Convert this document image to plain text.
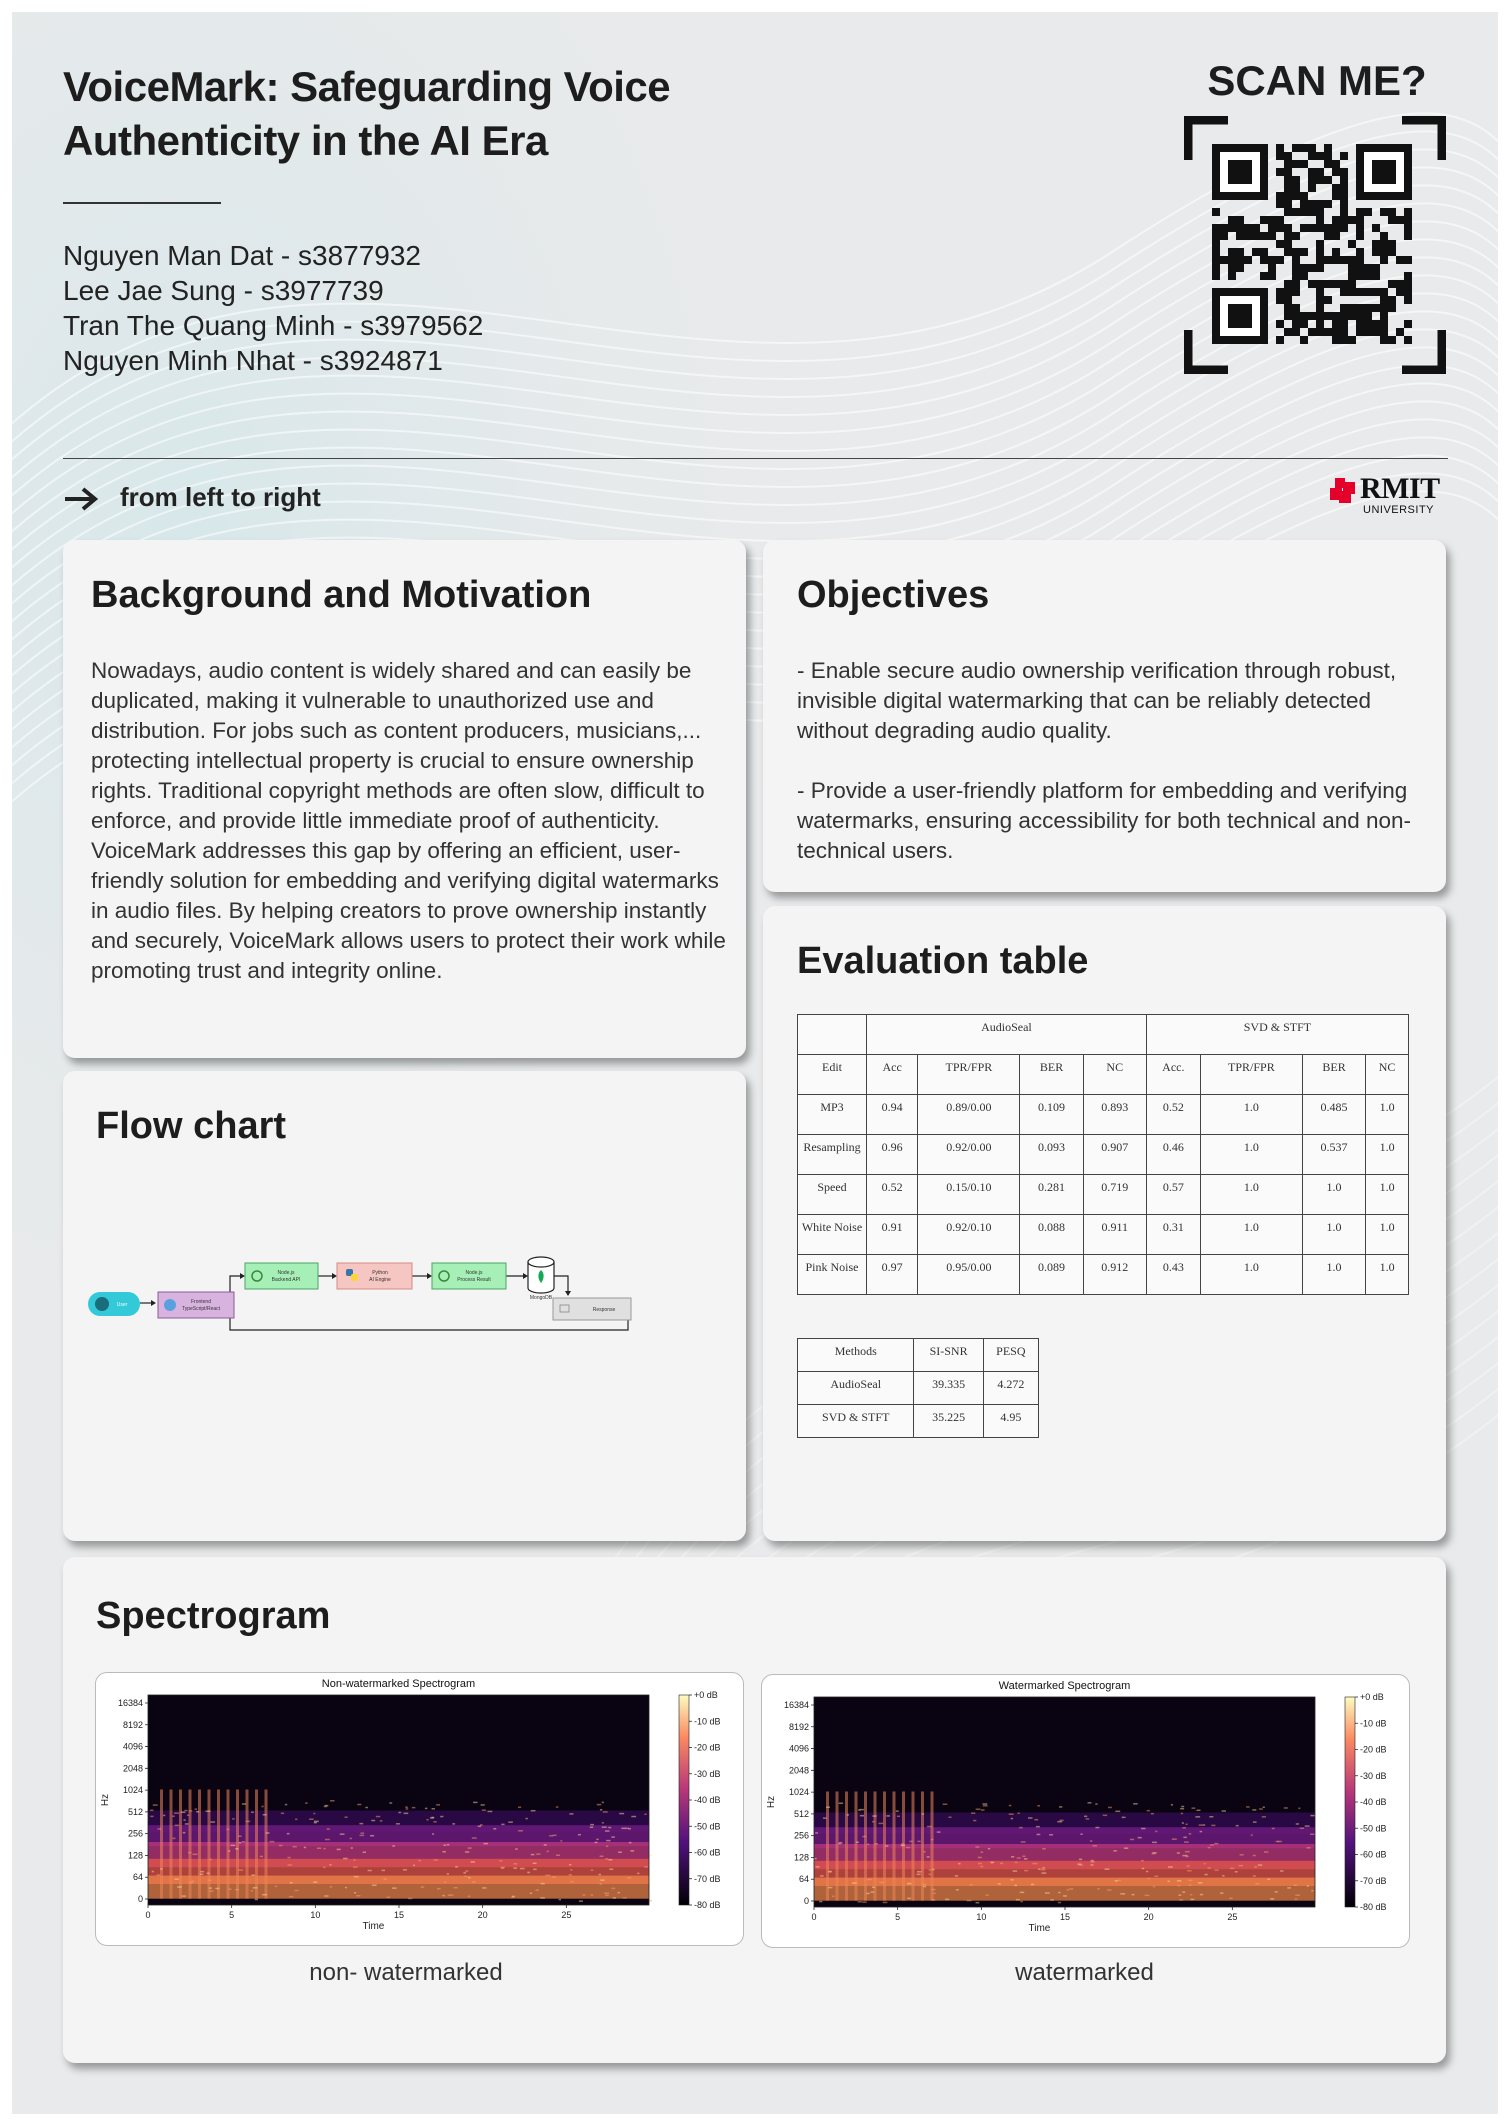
VoiceMark: Safeguarding Voice
Authenticity in the AI Era
Nguyen Man Dat - s3877932
Lee Jae Sung - s3977739
Tran The Quang Minh - s3979562
Nguyen Minh Nhat - s3924871
SCAN ME?
from left to right	RMIT
UNIVERSITY
Background and Motivation
Nowadays, audio content is widely shared and can easily be duplicated, making it vulnerable to unauthorized use and distribution. For jobs such as content producers, musicians,... protecting intellectual property is crucial to ensure ownership rights. Traditional copyright methods are often slow, difficult to enforce, and provide little immediate proof of authenticity. VoiceMark addresses this gap by offering an efficient, user-friendly solution for embedding and verifying digital watermarks in audio files. By helping creators to prove ownership instantly and securely, VoiceMark allows users to protect their work while promoting trust and integrity online.
Objectives
- Enable secure audio ownership verification through robust, invisible digital watermarking that can be reliably detected without degrading audio quality.
- Provide a user-friendly platform for embedding and verifying watermarks, ensuring accessibility for both technical and non-technical users.
Flow chart
User	Frontend
TypeScript/React
Node.js
Backend API
Python
AI Engine
Node.js
Process Result
MongoDB
Response
Evaluation table
	AudioSeal				SVD & STFT			
Edit	Acc	TPR/FPR	BER	NC	Acc.	TPR/FPR	BER	NC
MP3	0.94	0.89/0.00	0.109	0.893	0.52	1.0	0.485	1.0
Resampling	0.96	0.92/0.00	0.093	0.907	0.46	1.0	0.537	1.0
Speed	0.52	0.15/0.10	0.281	0.719	0.57	1.0	1.0	1.0
White Noise	0.91	0.92/0.10	0.088	0.911	0.31	1.0	1.0	1.0
Pink Noise	0.97	0.95/0.00	0.089	0.912	0.43	1.0	1.0	1.0
Methods	SI-SNR	PESQ
AudioSeal	39.335	4.272
SVD & STFT	35.225	4.95
Spectrogram
Non-watermarked Spectrogram
16384
8192
4096
2048
1024
512
256
128
64
0
0	5	10	15	20	25
Time
Hz
+0 dB
-10 dB
-20 dB
-30 dB
-40 dB
-50 dB
-60 dB
-70 dB
-80 dB
Watermarked Spectrogram
16384
8192
4096
2048
1024
512
256
128
64
0
0	5	10	15	20	25
Time
Hz
+0 dB
-10 dB
-20 dB
-30 dB
-40 dB
-50 dB
-60 dB
-70 dB
-80 dB
non- watermarked	watermarked
